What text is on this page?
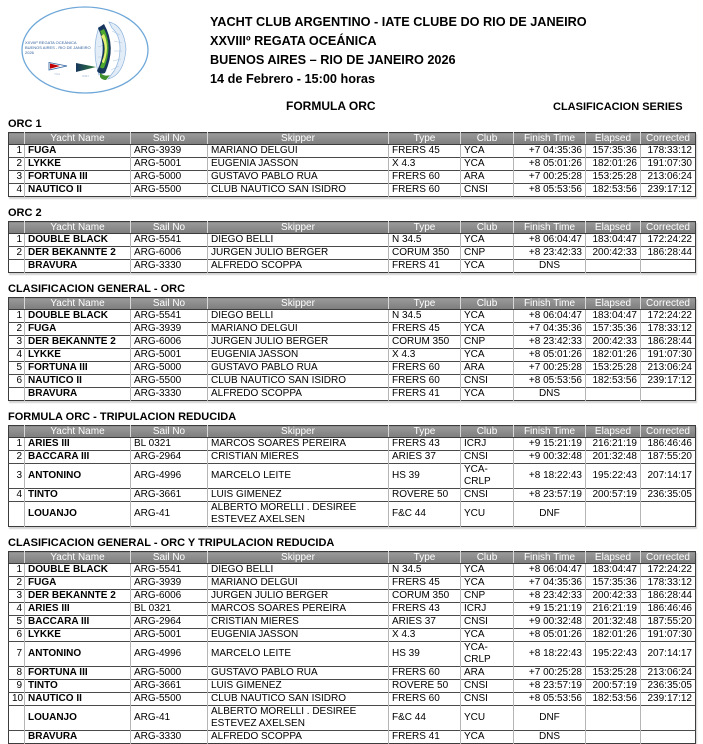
XXVIIIº REGATA OCEÁNICA
BUENOS AIRES - RIO DE JANEIRO
2026
YCA	ICRJ
YACHT CLUB ARGENTINO - IATE CLUBE DO RIO DE JANEIRO
XXVIIIº REGATA OCEÁNICA
BUENOS AIRES – RIO DE JANEIRO 2026
14 de Febrero - 15:00 horas
FORMULA ORC	CLASIFICACION SERIES
ORC 1
	Yacht Name	Sail No	Skipper	Type	Club	Finish Time	Elapsed	Corrected
1	FUGA	ARG-3939	MARIANO DELGUI	FRERS 45	YCA	+7 04:35:36	157:35:36	178:33:12
2	LYKKE	ARG-5001	EUGENIA JASSON	X 4.3	YCA	+8 05:01:26	182:01:26	191:07:30
3	FORTUNA III	ARG-5000	GUSTAVO PABLO RUA	FRERS 60	ARA	+7 00:25:28	153:25:28	213:06:24
4	NAUTICO II	ARG-5500	CLUB NAUTICO SAN ISIDRO	FRERS 60	CNSI	+8 05:53:56	182:53:56	239:17:12
ORC 2
	Yacht Name	Sail No	Skipper	Type	Club	Finish Time	Elapsed	Corrected
1	DOUBLE BLACK	ARG-5541	DIEGO BELLI	N 34.5	YCA	+8 06:04:47	183:04:47	172:24:22
2	DER BEKANNTE 2	ARG-6006	JURGEN JULIO BERGER	CORUM 350	CNP	+8 23:42:33	200:42:33	186:28:44
	BRAVURA	ARG-3330	ALFREDO SCOPPA	FRERS 41	YCA	DNS		
CLASIFICACION GENERAL - ORC
	Yacht Name	Sail No	Skipper	Type	Club	Finish Time	Elapsed	Corrected
1	DOUBLE BLACK	ARG-5541	DIEGO BELLI	N 34.5	YCA	+8 06:04:47	183:04:47	172:24:22
2	FUGA	ARG-3939	MARIANO DELGUI	FRERS 45	YCA	+7 04:35:36	157:35:36	178:33:12
3	DER BEKANNTE 2	ARG-6006	JURGEN JULIO BERGER	CORUM 350	CNP	+8 23:42:33	200:42:33	186:28:44
4	LYKKE	ARG-5001	EUGENIA JASSON	X 4.3	YCA	+8 05:01:26	182:01:26	191:07:30
5	FORTUNA III	ARG-5000	GUSTAVO PABLO RUA	FRERS 60	ARA	+7 00:25:28	153:25:28	213:06:24
6	NAUTICO II	ARG-5500	CLUB NAUTICO SAN ISIDRO	FRERS 60	CNSI	+8 05:53:56	182:53:56	239:17:12
	BRAVURA	ARG-3330	ALFREDO SCOPPA	FRERS 41	YCA	DNS		
FORMULA ORC - TRIPULACION REDUCIDA
	Yacht Name	Sail No	Skipper	Type	Club	Finish Time	Elapsed	Corrected
1	ARIES III	BL 0321	MARCOS SOARES PEREIRA	FRERS 43	ICRJ	+9 15:21:19	216:21:19	186:46:46
2	BACCARA III	ARG-2964	CRISTIAN MIERES	ARIES 37	CNSI	+9 00:32:48	201:32:48	187:55:20
3	ANTONINO	ARG-4996	MARCELO LEITE	HS 39	YCA-CRLP	+8 18:22:43	195:22:43	207:14:17
4	TINTO	ARG-3661	LUIS GIMENEZ	ROVERE 50	CNSI	+8 23:57:19	200:57:19	236:35:05
	LOUANJO	ARG-41	ALBERTO MORELLI . DESIREE ESTEVEZ AXELSEN	F&C 44	YCU	DNF		
CLASIFICACION GENERAL - ORC Y TRIPULACION REDUCIDA
	Yacht Name	Sail No	Skipper	Type	Club	Finish Time	Elapsed	Corrected
1	DOUBLE BLACK	ARG-5541	DIEGO BELLI	N 34.5	YCA	+8 06:04:47	183:04:47	172:24:22
2	FUGA	ARG-3939	MARIANO DELGUI	FRERS 45	YCA	+7 04:35:36	157:35:36	178:33:12
3	DER BEKANNTE 2	ARG-6006	JURGEN JULIO BERGER	CORUM 350	CNP	+8 23:42:33	200:42:33	186:28:44
4	ARIES III	BL 0321	MARCOS SOARES PEREIRA	FRERS 43	ICRJ	+9 15:21:19	216:21:19	186:46:46
5	BACCARA III	ARG-2964	CRISTIAN MIERES	ARIES 37	CNSI	+9 00:32:48	201:32:48	187:55:20
6	LYKKE	ARG-5001	EUGENIA JASSON	X 4.3	YCA	+8 05:01:26	182:01:26	191:07:30
7	ANTONINO	ARG-4996	MARCELO LEITE	HS 39	YCA-CRLP	+8 18:22:43	195:22:43	207:14:17
8	FORTUNA III	ARG-5000	GUSTAVO PABLO RUA	FRERS 60	ARA	+7 00:25:28	153:25:28	213:06:24
9	TINTO	ARG-3661	LUIS GIMENEZ	ROVERE 50	CNSI	+8 23:57:19	200:57:19	236:35:05
10	NAUTICO II	ARG-5500	CLUB NAUTICO SAN ISIDRO	FRERS 60	CNSI	+8 05:53:56	182:53:56	239:17:12
	LOUANJO	ARG-41	ALBERTO MORELLI . DESIREE ESTEVEZ AXELSEN	F&C 44	YCU	DNF		
	BRAVURA	ARG-3330	ALFREDO SCOPPA	FRERS 41	YCA	DNS		
